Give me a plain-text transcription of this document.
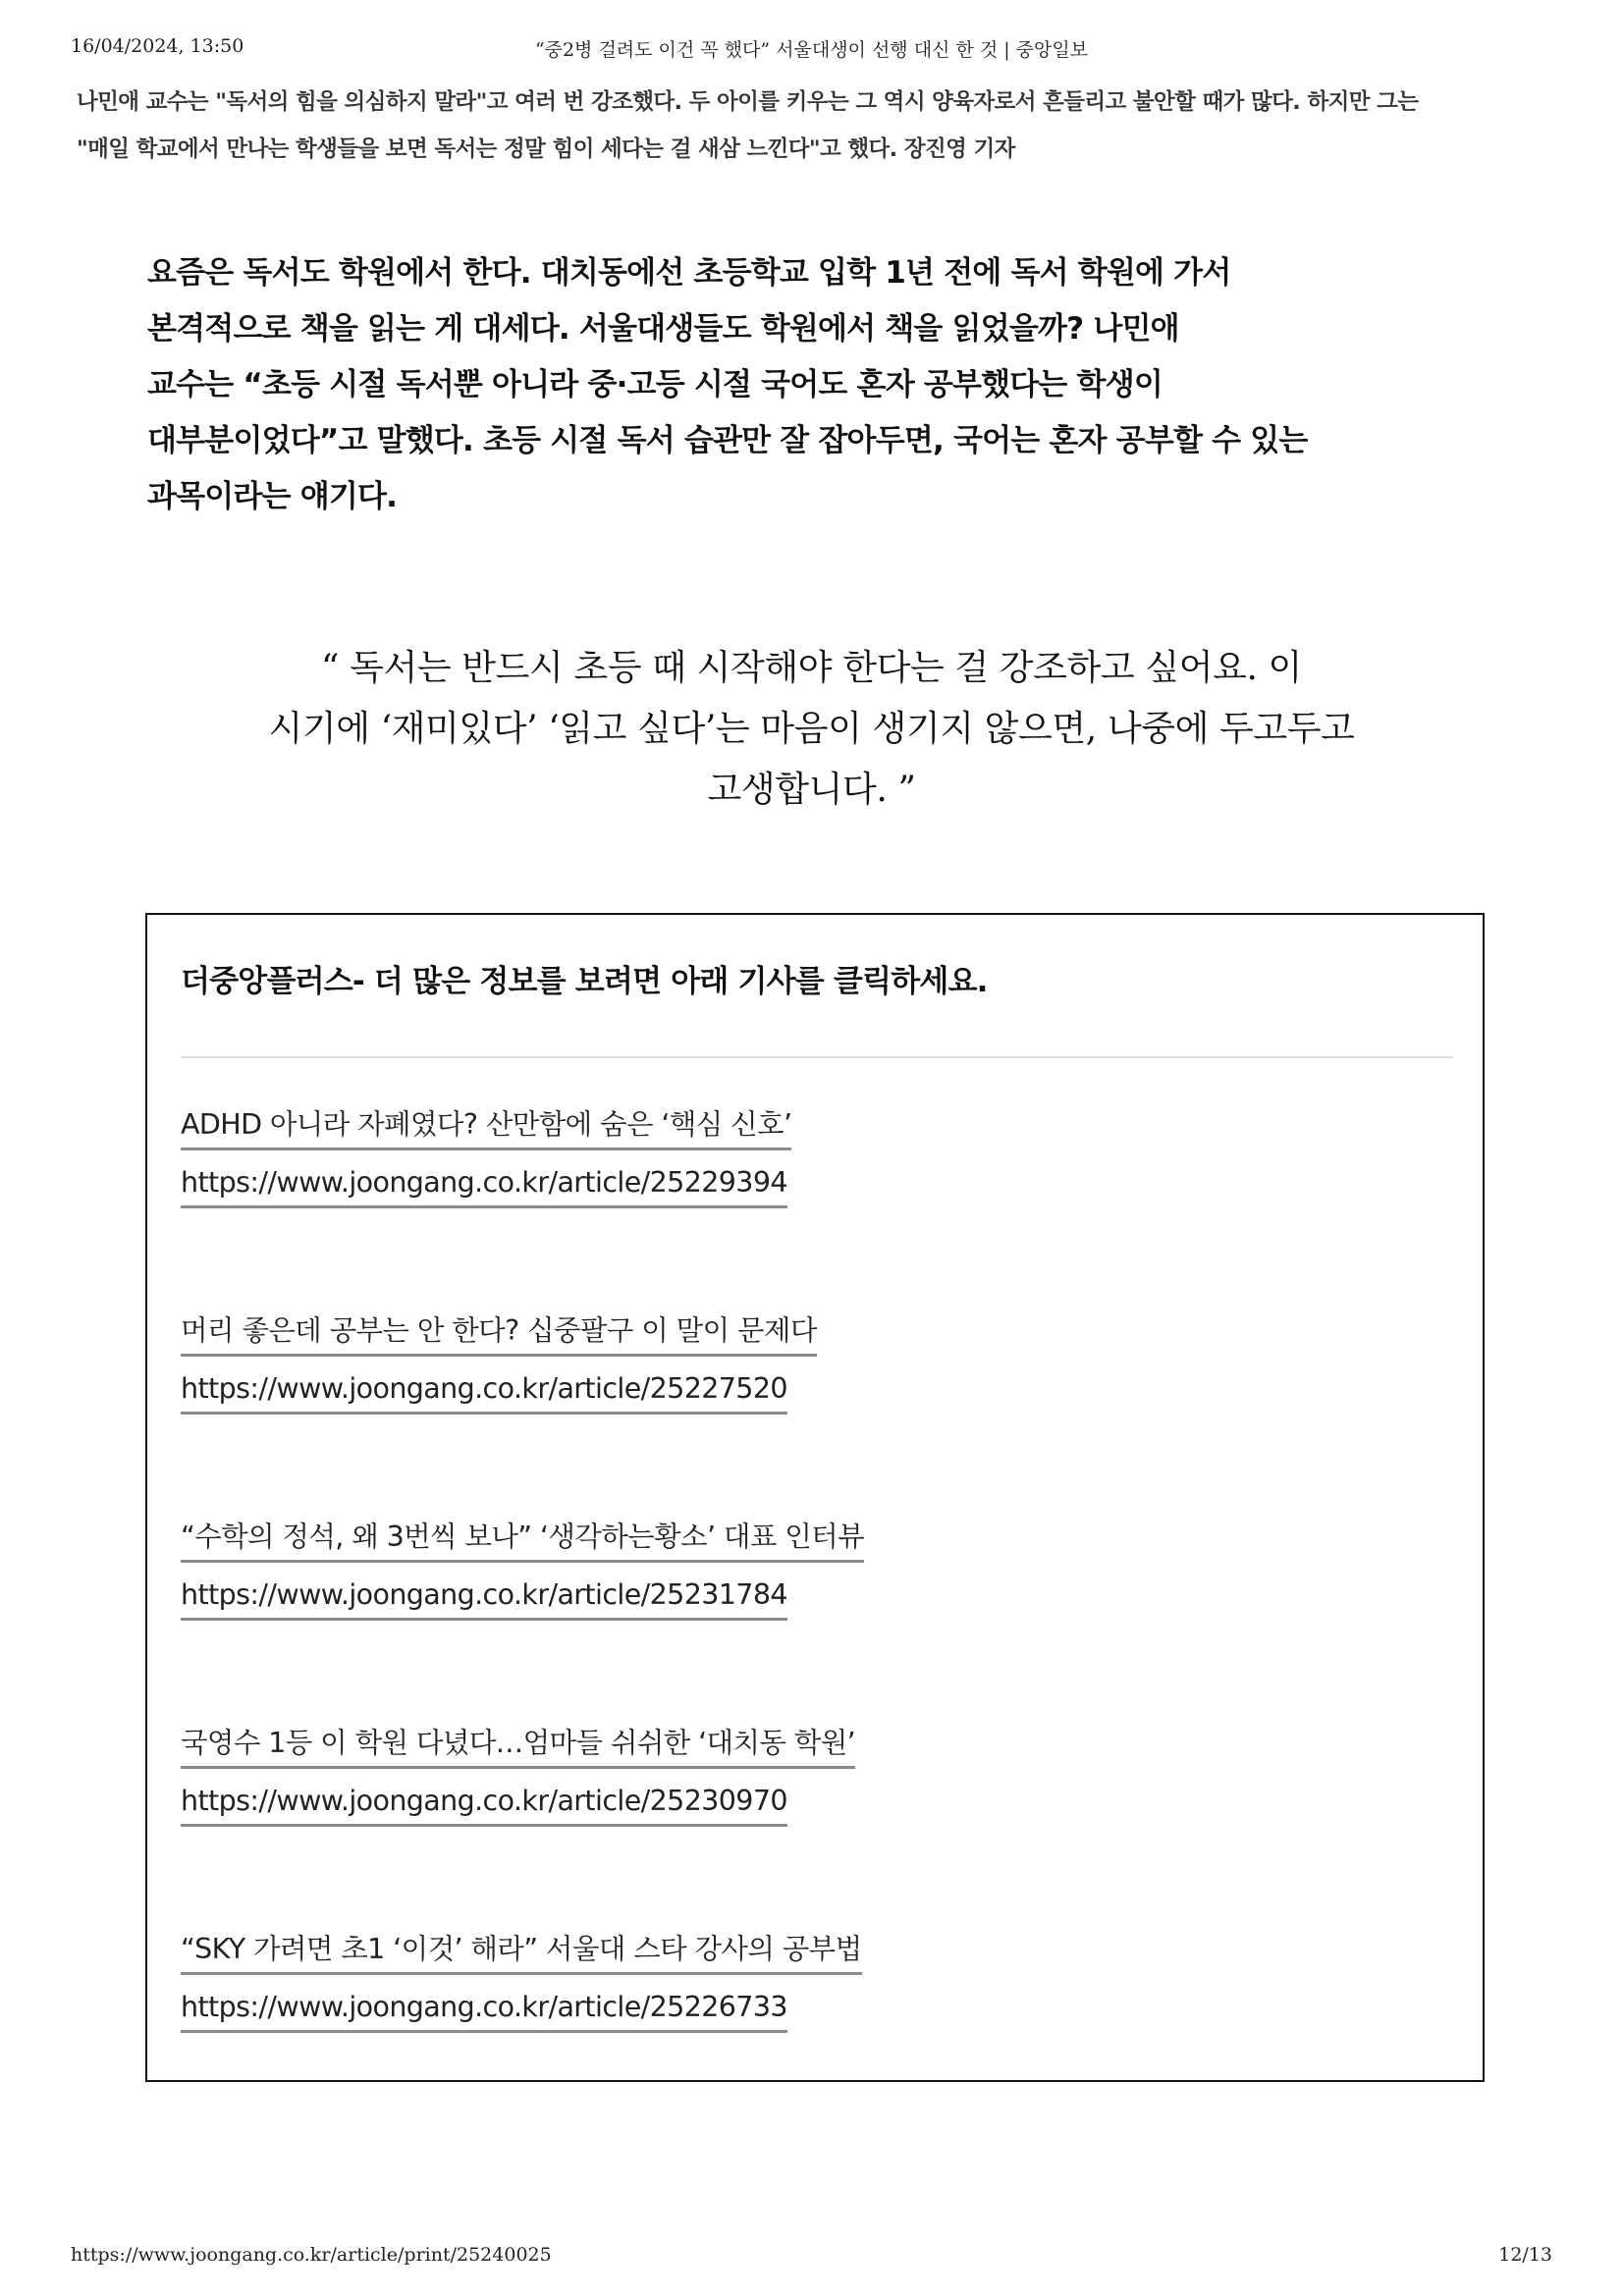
16/04/2024, 13:50	“중2병 걸려도 이건 꼭 했다” 서울대생이 선행 대신 한 것 | 중앙일보
나민애 교수는 "독서의 힘을 의심하지 말라"고 여러 번 강조했다. 두 아이를 키우는 그 역시 양육자로서 흔들리고 불안할 때가 많다. 하지만 그는
"매일 학교에서 만나는 학생들을 보면 독서는 정말 힘이 세다는 걸 새삼 느낀다"고 했다. 장진영 기자
요즘은 독서도 학원에서 한다. 대치동에선 초등학교 입학 1년 전에 독서 학원에 가서
본격적으로 책을 읽는 게 대세다. 서울대생들도 학원에서 책을 읽었을까? 나민애
교수는 “초등 시절 독서뿐 아니라 중·고등 시절 국어도 혼자 공부했다는 학생이
대부분이었다”고 말했다. 초등 시절 독서 습관만 잘 잡아두면, 국어는 혼자 공부할 수 있는
과목이라는 얘기다.
“ 독서는 반드시 초등 때 시작해야 한다는 걸 강조하고 싶어요. 이
시기에 ‘재미있다’ ‘읽고 싶다’는 마음이 생기지 않으면, 나중에 두고두고
고생합니다. ”
더중앙플러스- 더 많은 정보를 보려면 아래 기사를 클릭하세요.
ADHD 아니라 자폐였다? 산만함에 숨은 ‘핵심 신호’
https://www.joongang.co.kr/article/25229394
머리 좋은데 공부는 안 한다? 십중팔구 이 말이 문제다
https://www.joongang.co.kr/article/25227520
“수학의 정석, 왜 3번씩 보나” ‘생각하는황소’ 대표 인터뷰
https://www.joongang.co.kr/article/25231784
국영수 1등 이 학원 다녔다…엄마들 쉬쉬한 ‘대치동 학원’
https://www.joongang.co.kr/article/25230970
“SKY 가려면 초1 ‘이것’ 해라” 서울대 스타 강사의 공부법
https://www.joongang.co.kr/article/25226733
https://www.joongang.co.kr/article/print/25240025	12/13
